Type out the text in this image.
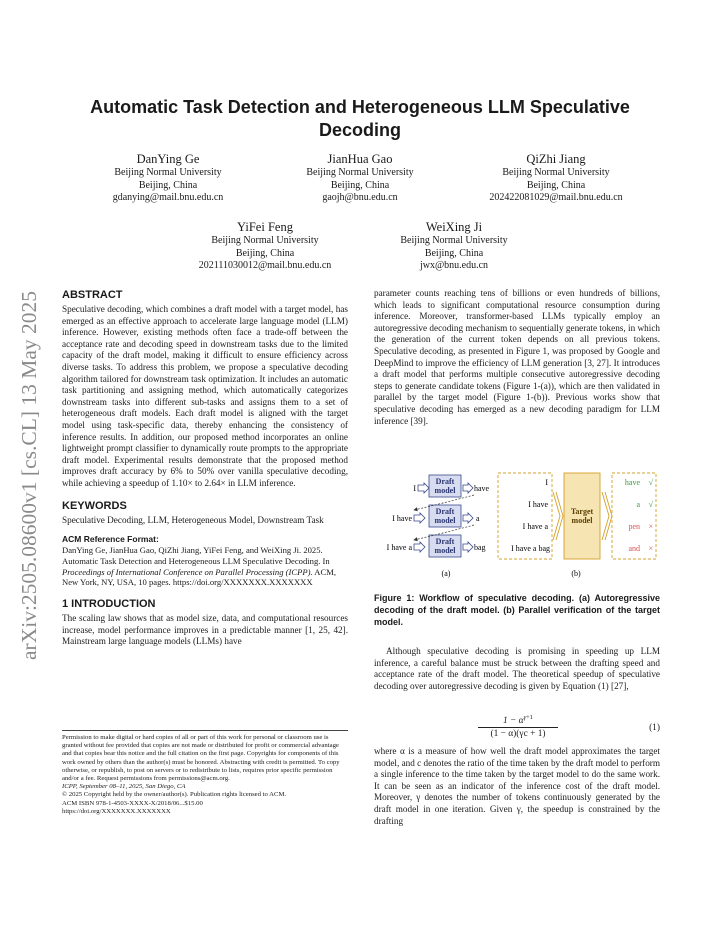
arXiv:2505.08600v1 [cs.CL] 13 May 2025
Automatic Task Detection and Heterogeneous LLM Speculative Decoding
DanYing Ge
Beijing Normal University
Beijing, China
gdanying@mail.bnu.edu.cn
JianHua Gao
Beijing Normal University
Beijing, China
gaojh@bnu.edu.cn
QiZhi Jiang
Beijing Normal University
Beijing, China
202422081029@mail.bnu.edu.cn
YiFei Feng
Beijing Normal University
Beijing, China
202111030012@mail.bnu.edu.cn
WeiXing Ji
Beijing Normal University
Beijing, China
jwx@bnu.edu.cn
ABSTRACT

Speculative decoding, which combines a draft model with a target model, has emerged as an effective approach to accelerate large language model (LLM) inference. However, existing methods often face a trade-off between the acceptance rate and decoding speed in downstream tasks due to the limited capacity of the draft model, making it difficult to ensure efficiency across diverse tasks. To address this problem, we propose a speculative decoding algorithm tailored for downstream task optimization. It includes an automatic task partitioning and assigning method, which automatically categorizes downstream tasks into different sub-tasks and assigns them to a set of heterogeneous draft models. Each draft model is aligned with the target model using task-specific data, thereby enhancing the consistency of inference results. In addition, our proposed method incorporates an online lightweight prompt classifier to dynamically route prompts to the appropriate draft model. Experimental results demonstrate that the proposed method improves draft accuracy by 6% to 50% over vanilla speculative decoding, while achieving a speedup of 1.10× to 2.64× in LLM inference.

KEYWORDS

Speculative Decoding, LLM, Heterogeneous Model, Downstream Task

ACM Reference Format:

DanYing Ge, JianHua Gao, QiZhi Jiang, YiFei Feng, and WeiXing Ji. 2025. Automatic Task Detection and Heterogeneous LLM Speculative Decoding. In Proceedings of International Conference on Parallel Processing (ICPP). ACM, New York, NY, USA, 10 pages. https://doi.org/XXXXXXX.XXXXXXX

1 INTRODUCTION

The scaling law shows that as model size, data, and computational resources increase, model performance improves in a predictable manner [1, 25, 42]. Mainstream large language models (LLMs) have

Permission to make digital or hard copies of all or part of this work for personal or classroom use is granted without fee provided that copies are not made or distributed for profit or commercial advantage and that copies bear this notice and the full citation on the first page. Copyrights for components of this work owned by others than the author(s) must be honored. Abstracting with credit is permitted. To copy otherwise, or republish, to post on servers or to redistribute to lists, requires prior specific permission and/or a fee. Request permissions from permissions@acm.org.

ICPP, September 08–11, 2025, San Diego, CA

© 2025 Copyright held by the owner/author(s). Publication rights licensed to ACM.

ACM ISBN 978-1-4503-XXXX-X/2018/06...$15.00

https://doi.org/XXXXXXX.XXXXXXX

parameter counts reaching tens of billions or even hundreds of billions, which leads to significant computational resource consumption during inference. Moreover, transformer-based LLMs typically employ an autoregressive decoding mechanism to sequentially generate tokens, in which the generation of the current token depends on all previous tokens. Speculative decoding, as presented in Figure 1, was proposed by Google and DeepMind to improve the efficiency of LLM generation [3, 27]. It introduces a draft model that performs multiple consecutive autoregressive decoding steps to generate candidate tokens (Figure 1-(a)), which are then validated in parallel by the target model (Figure 1-(b)). Previous works show that speculative decoding has emerged as a new decoding paradigm for LLM inference [39].

I
I have
I have a
Draft
model
Draft
model
Draft
model
have
a
bag
(a)
I
I have
I have a
I have a bag
Target
model
have √
a √
pen ×
and ×
(b)
Figure 1: Workflow of speculative decoding. (a) Autoregressive decoding of the draft model. (b) Parallel verification of the target model.

Although speculative decoding is promising in speeding up LLM inference, a careful balance must be struck between the drafting speed and acceptance rate of the draft model. The theoretical speedup of speculative decoding over autoregressive decoding is given by Equation (1) [27],

$\frac{1 - \alpha^{\gamma+1}}{(1 - \alpha)(\gamma c + 1)}$	(1)

where α is a measure of how well the draft model approximates the target model, and c denotes the ratio of the time taken by the draft model to perform a single inference to the time taken by the target model to do the same work. It can be seen as an indicator of the inference cost of the draft model. Moreover, γ denotes the number of tokens continuously generated by the draft model in one iteration. Given γ, the speedup is constrained by the drafting
